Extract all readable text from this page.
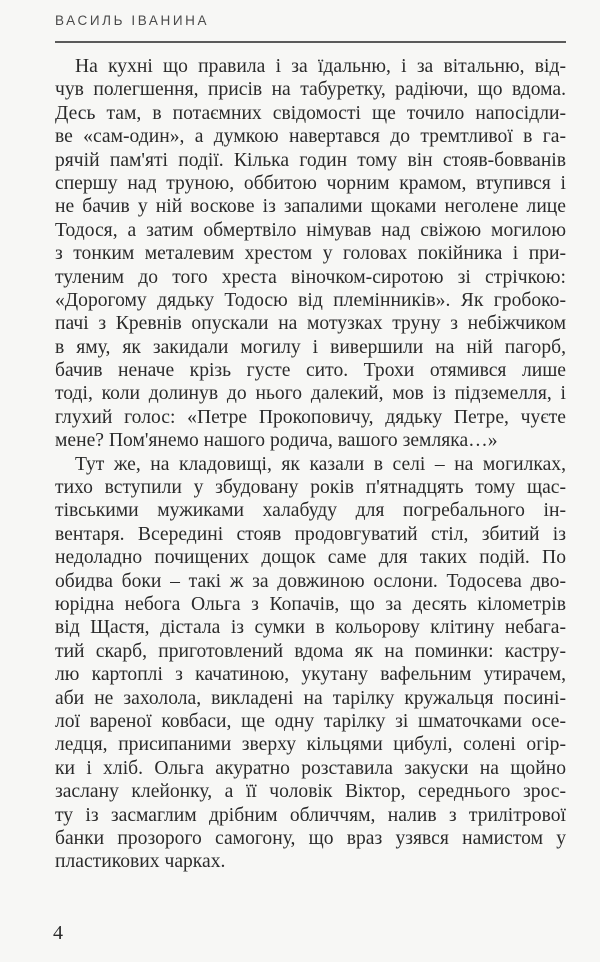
ВАСИЛЬ ІВАНИНА
На кухні що правила і за їдальню, і за вітальню, від-
чув полегшення, присів на табуретку, радіючи, що вдома.
Десь там, в потаємних свідомості ще точило напосідли-
ве «сам-один», а думкою навертався до тремтливої в га-
рячій пам'яті події. Кілька годин тому він стояв-бовванів
спершу над труною, оббитою чорним крамом, втупився і
не бачив у ній воскове із запалими щоками неголене лице
Тодося, а затим обмертвіло німував над свіжою могилою
з тонким металевим хрестом у головах покійника і при-
туленим до того хреста віночком-сиротою зі стрічкою:
«Дорогому дядьку Тодосю від племінників». Як гробоко-
пачі з Кревнів опускали на мотузках труну з небіжчиком
в яму, як закидали могилу і вивершили на ній пагорб,
бачив неначе крізь густе сито. Трохи отямився лише
тоді, коли долинув до нього далекий, мов із підземелля, і
глухий голос: «Петре Прокоповичу, дядьку Петре, чуєте
мене? Пом'янемо нашого родича, вашого земляка…»
Тут же, на кладовищі, як казали в селі – на могилках,
тихо вступили у збудовану років п'ятнадцять тому щас-
тівськими мужиками халабуду для погребального ін-
вентаря. Всередині стояв продовгуватий стіл, збитий із
недоладно почищених дощок саме для таких подій. По
обидва боки – такі ж за довжиною ослони. Тодосева дво-
юрідна небога Ольга з Копачів, що за десять кілометрів
від Щастя, дістала із сумки в кольорову клітину небага-
тий скарб, приготовлений вдома як на поминки: кастру-
лю картоплі з качатиною, укутану вафельним утирачем,
аби не захолола, викладені на тарілку кружальця посині-
лої вареної ковбаси, ще одну тарілку зі шматочками осе-
ледця, присипаними зверху кільцями цибулі, солені огір-
ки і хліб. Ольга акуратно розставила закуски на щойно
заслану клейонку, а її чоловік Віктор, середнього зрос-
ту із засмаглим дрібним обличчям, налив з трилітрової
банки прозорого самогону, що враз узявся намистом у
пластикових чарках.
4
